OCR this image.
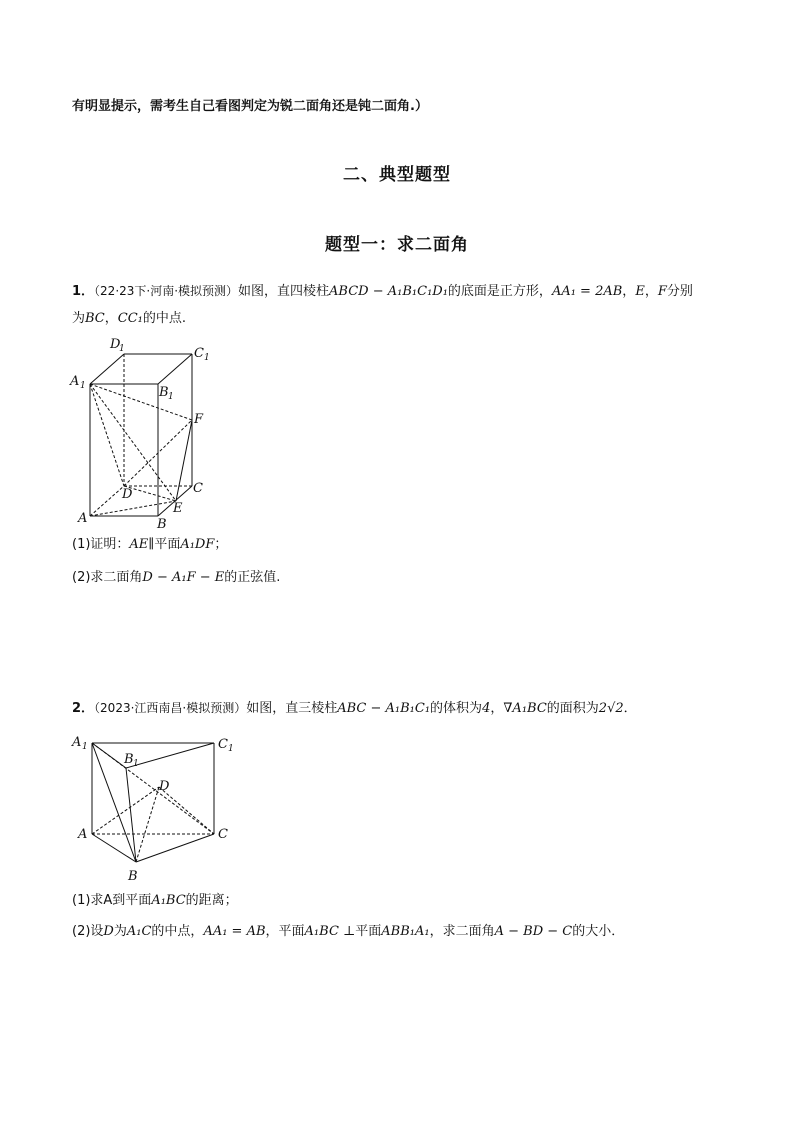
有明显提示，需考生自己看图判定为锐二面角还是钝二面角.）
二、典型题型
题型一：求二面角
1．（22·23下·河南·模拟预测）如图，直四棱柱ABCD − A₁B₁C₁D₁的底面是正方形，AA₁ = 2AB，E，F分别
为BC，CC₁的中点.
D
1	C 1
A 1	B 1
F
D	C
E
A	B
(1)证明：AE∥平面A₁DF；
(2)求二面角D − A₁F − E的正弦值.
2．（2023·江西南昌·模拟预测）如图，直三棱柱ABC − A₁B₁C₁的体积为4，∇A₁BC的面积为2√2．
A 1
B 1
C 1
D
A	C
B
(1)求A到平面A₁BC的距离；
(2)设D为A₁C的中点，AA₁ = AB，平面A₁BC ⊥平面ABB₁A₁，求二面角A − BD − C的大小．
